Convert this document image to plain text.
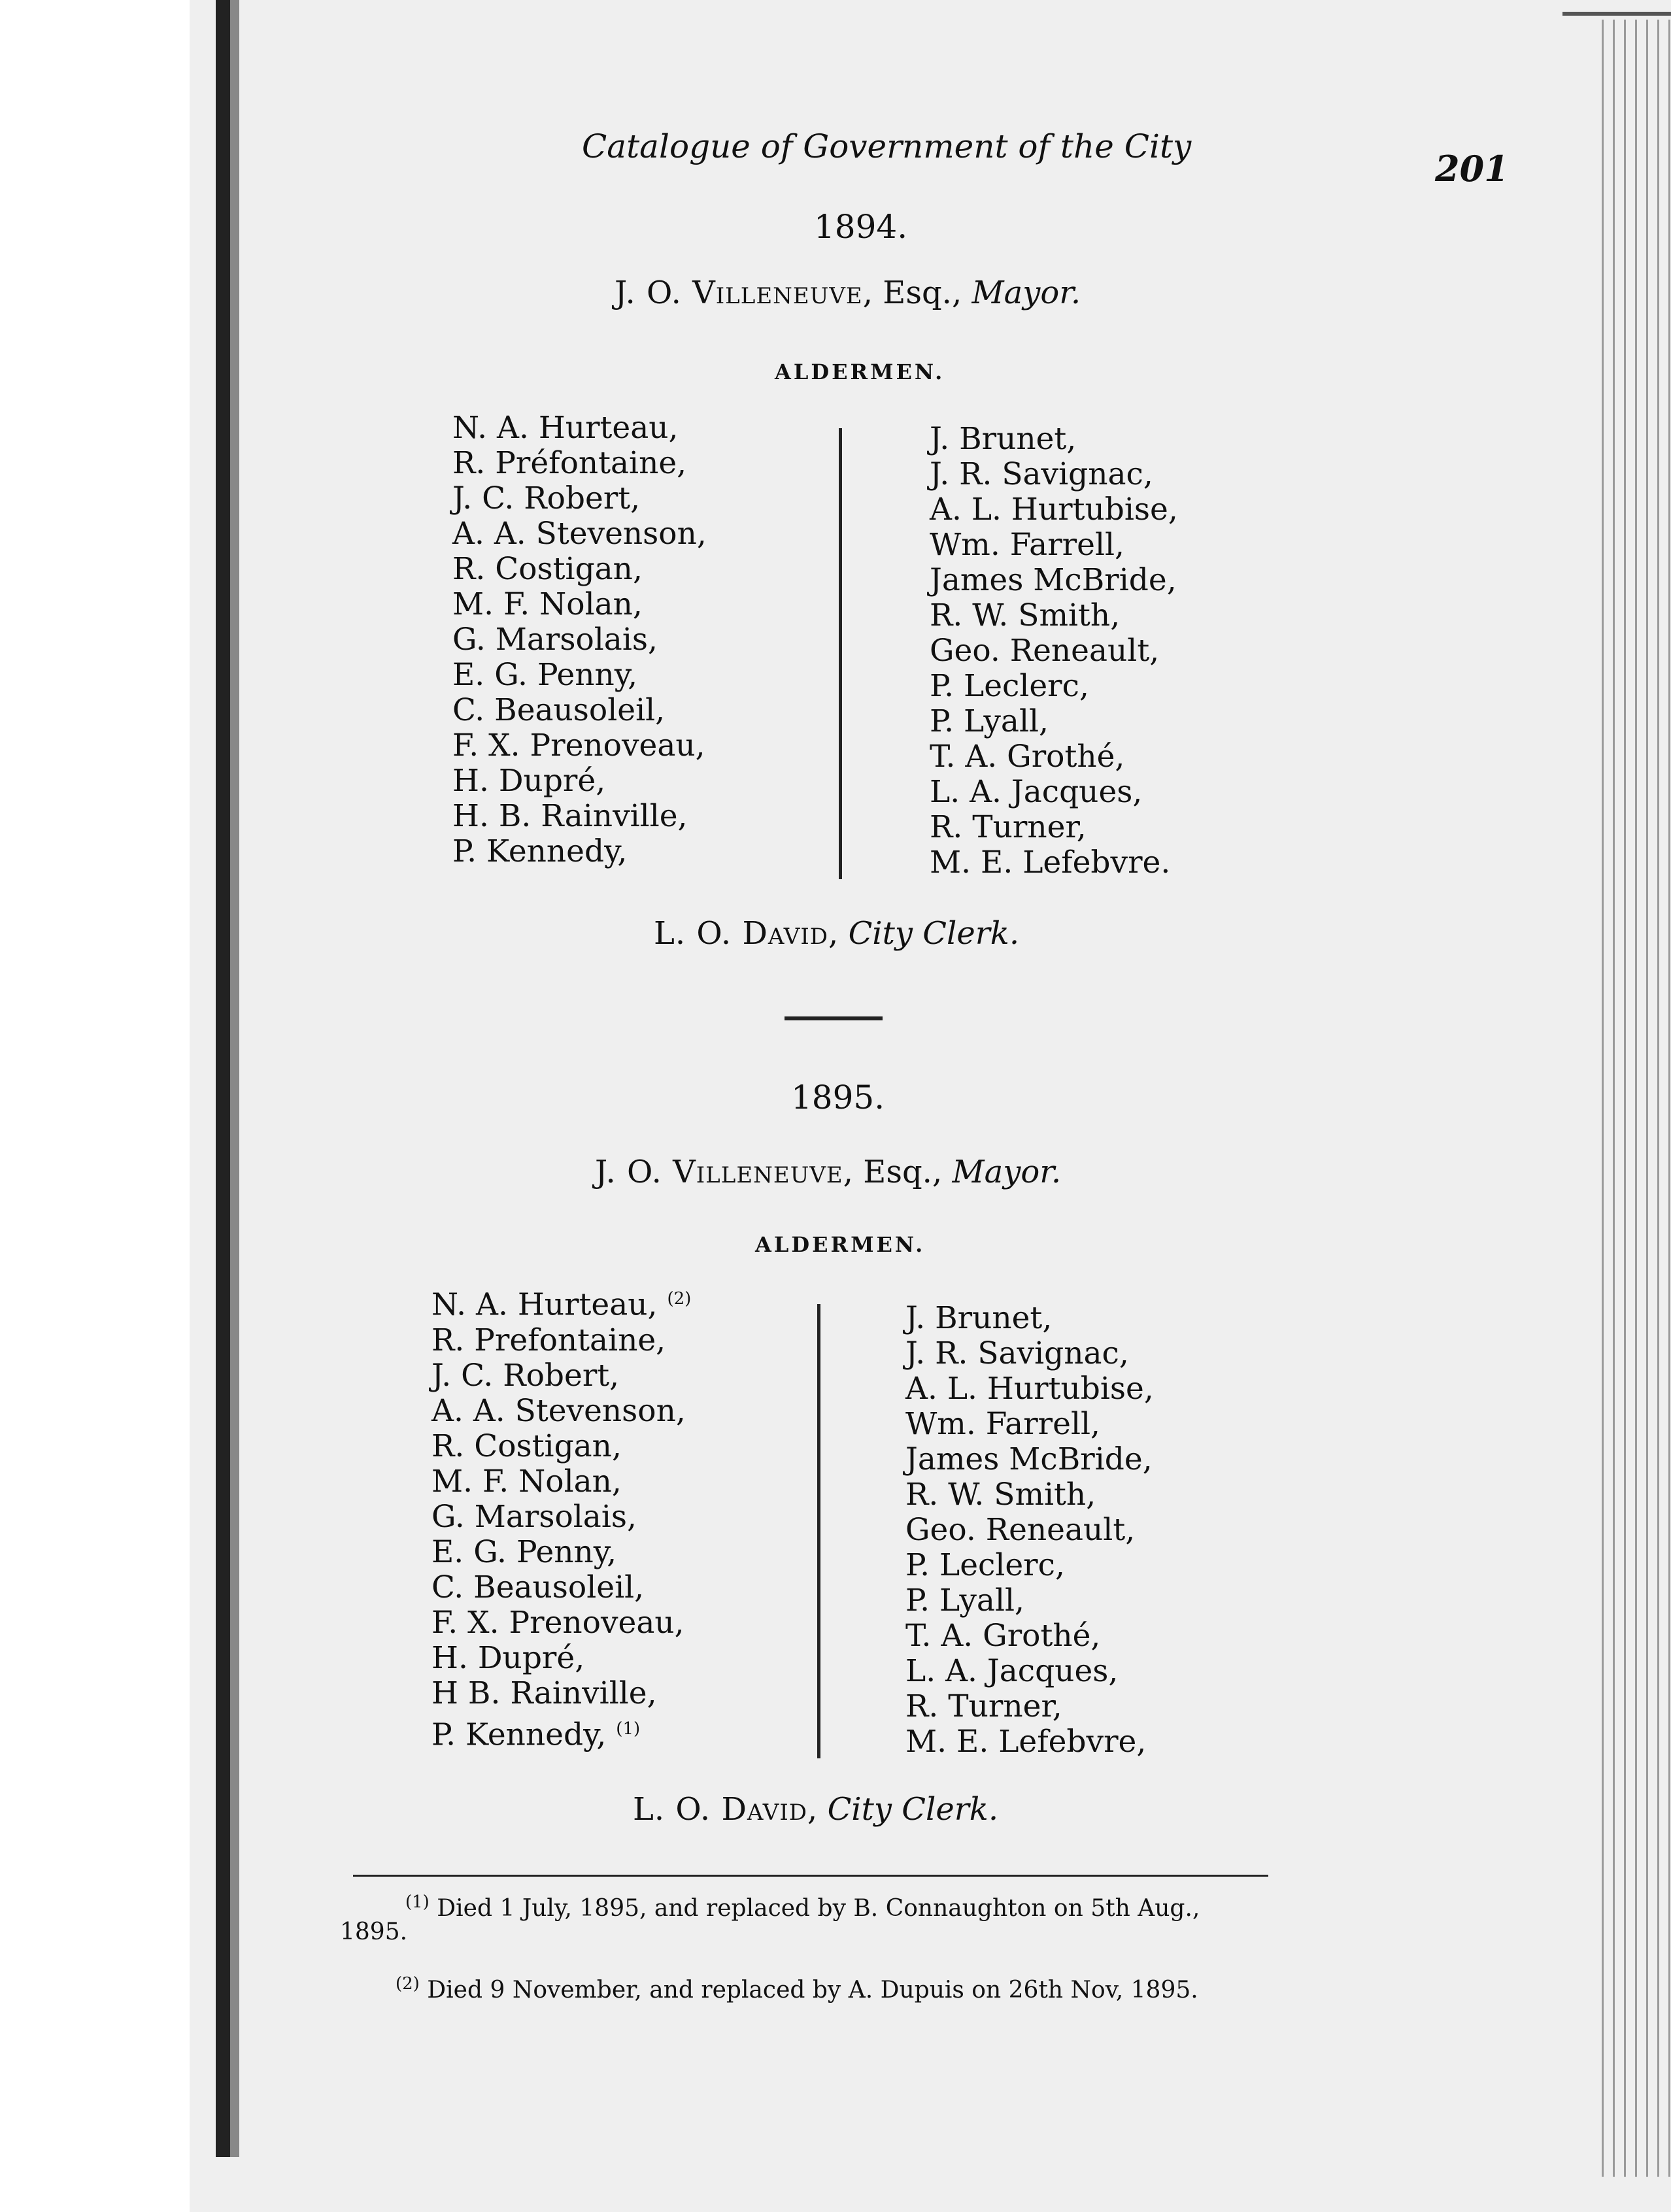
Catalogue of Government of the City
201
1894.
J. O. Villeneuve, Esq., Mayor.
ALDERMEN.
N. A. Hurteau,
R. Préfontaine,
J. C. Robert,
A. A. Stevenson,
R. Costigan,
M. F. Nolan,
G. Marsolais,
E. G. Penny,
C. Beausoleil,
F. X. Prenoveau,
H. Dupré,
H. B. Rainville,
P. Kennedy,
J. Brunet,
J. R. Savignac,
A. L. Hurtubise,
Wm. Farrell,
James McBride,
R. W. Smith,
Geo. Reneault,
P. Leclerc,
P. Lyall,
T. A. Grothé,
L. A. Jacques,
R. Turner,
M. E. Lefebvre.
L. O. David, City Clerk.
1895.
J. O. Villeneuve, Esq., Mayor.
ALDERMEN.
N. A. Hurteau, $^{(2)}$
R. Prefontaine,
J. C. Robert,
A. A. Stevenson,
R. Costigan,
M. F. Nolan,
G. Marsolais,
E. G. Penny,
C. Beausoleil,
F. X. Prenoveau,
H. Dupré,
H B. Rainville,
P. Kennedy, $^{(1)}$
J. Brunet,
J. R. Savignac,
A. L. Hurtubise,
Wm. Farrell,
James McBride,
R. W. Smith,
Geo. Reneault,
P. Leclerc,
P. Lyall,
T. A. Grothé,
L. A. Jacques,
R. Turner,
M. E. Lefebvre,
L. O. David, City Clerk.
$^{(1)}$ Died 1 July, 1895, and replaced by B. Connaughton on 5th Aug.,
1895.
$^{(2)}$ Died 9 November, and replaced by A. Dupuis on 26th Nov, 1895.
